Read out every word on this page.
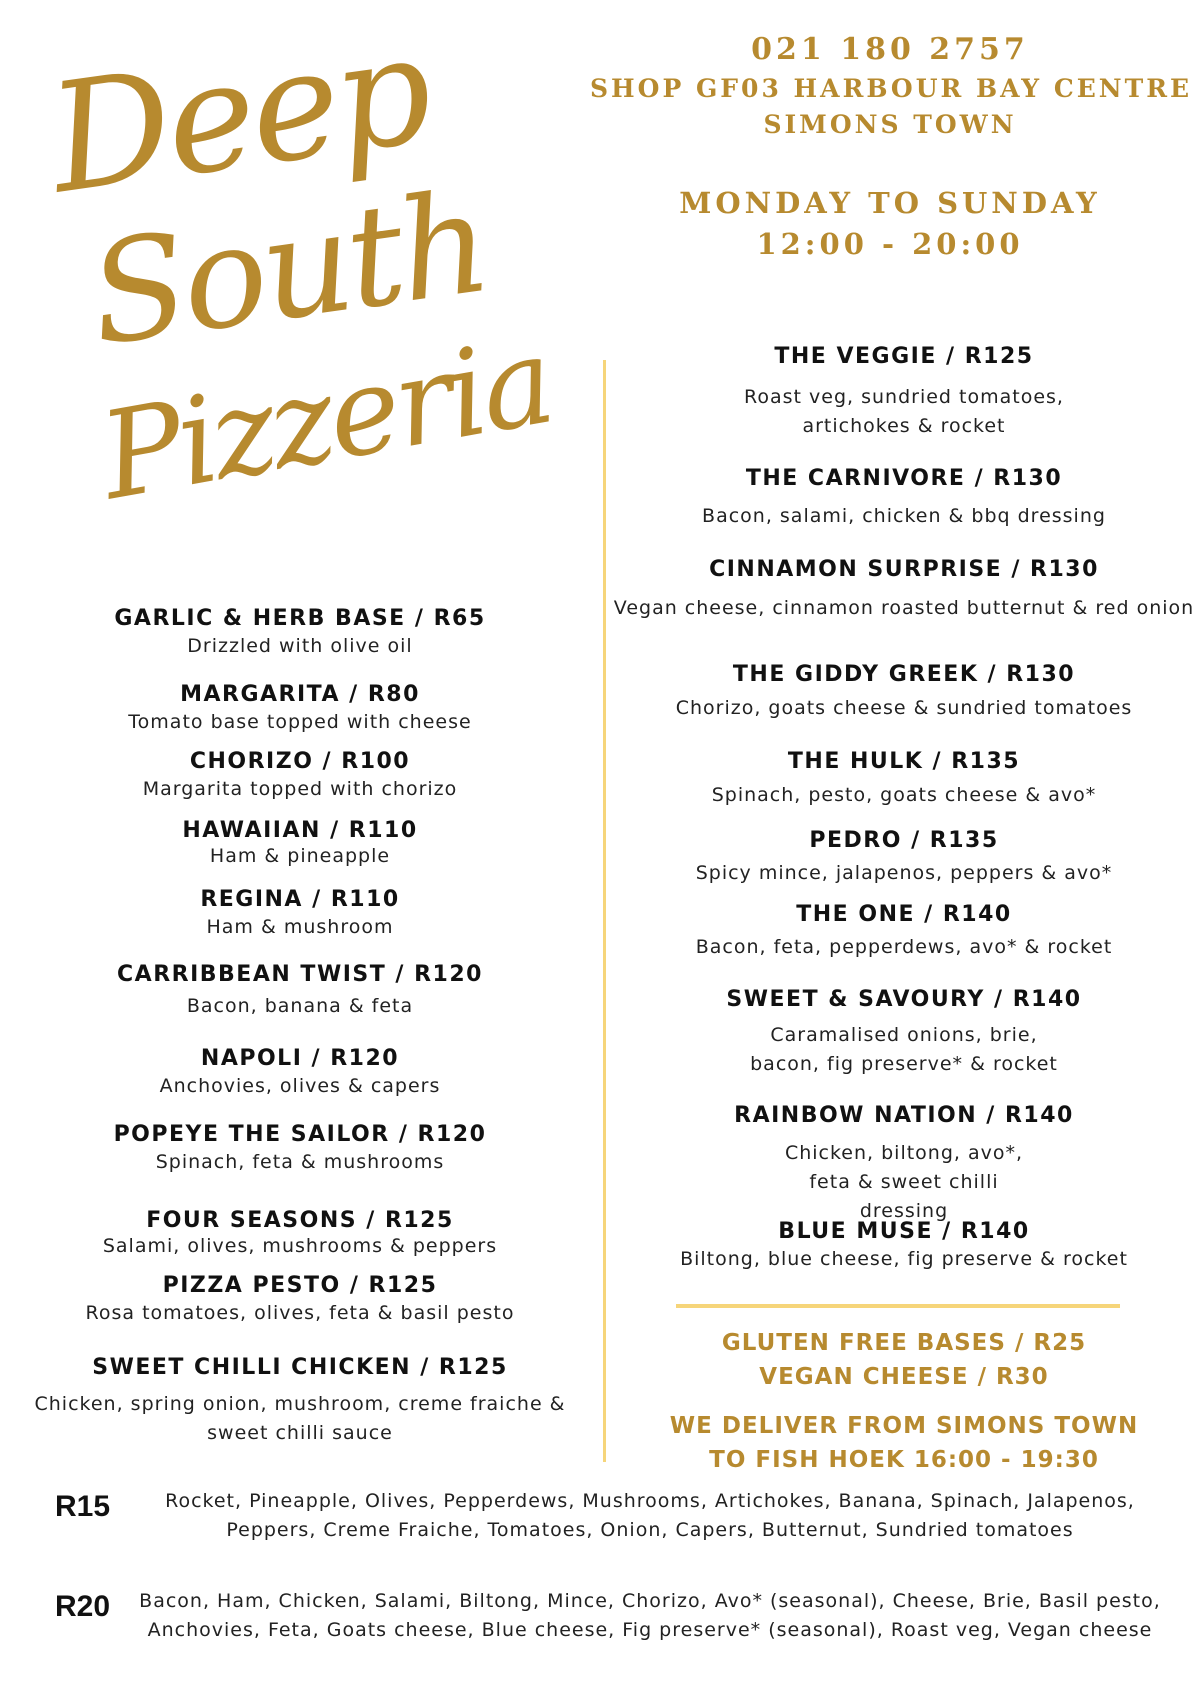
Deep
South
Pizzeria
021 180 2757
SHOP GF03 HARBOUR BAY CENTRE
SIMONS TOWN
MONDAY TO SUNDAY
12:00 - 20:00
GARLIC & HERB BASE / R65
Drizzled with olive oil
MARGARITA / R80
Tomato base topped with cheese
CHORIZO / R100
Margarita topped with chorizo
HAWAIIAN / R110
Ham & pineapple
REGINA / R110
Ham & mushroom
CARRIBBEAN TWIST / R120
Bacon, banana & feta
NAPOLI / R120
Anchovies, olives & capers
POPEYE THE SAILOR / R120
Spinach, feta & mushrooms
FOUR SEASONS / R125
Salami, olives, mushrooms & peppers
PIZZA PESTO / R125
Rosa tomatoes, olives, feta & basil pesto
SWEET CHILLI CHICKEN / R125
Chicken, spring onion, mushroom, creme fraiche & sweet chilli sauce
THE VEGGIE / R125
Roast veg, sundried tomatoes, artichokes & rocket
THE CARNIVORE / R130
Bacon, salami, chicken & bbq dressing
CINNAMON SURPRISE / R130
Vegan cheese, cinnamon roasted butternut & red onion
THE GIDDY GREEK / R130
Chorizo, goats cheese & sundried tomatoes
THE HULK / R135
Spinach, pesto, goats cheese & avo*
PEDRO / R135
Spicy mince, jalapenos, peppers & avo*
THE ONE / R140
Bacon, feta, pepperdews, avo* & rocket
SWEET & SAVOURY / R140
Caramalised onions, brie, bacon, fig preserve* & rocket
RAINBOW NATION / R140
Chicken, biltong, avo*, feta & sweet chilli dressing
BLUE MUSE / R140
Biltong, blue cheese, fig preserve & rocket
GLUTEN FREE BASES / R25
VEGAN CHEESE / R30
WE DELIVER FROM SIMONS TOWN
TO FISH HOEK 16:00 - 19:30
R15	Rocket, Pineapple, Olives, Pepperdews, Mushrooms, Artichokes, Banana, Spinach, Jalapenos, Peppers, Creme Fraiche, Tomatoes, Onion, Capers, Butternut, Sundried tomatoes
R20	Bacon, Ham, Chicken, Salami, Biltong, Mince, Chorizo, Avo* (seasonal), Cheese, Brie, Basil pesto, Anchovies, Feta, Goats cheese, Blue cheese, Fig preserve* (seasonal), Roast veg, Vegan cheese
